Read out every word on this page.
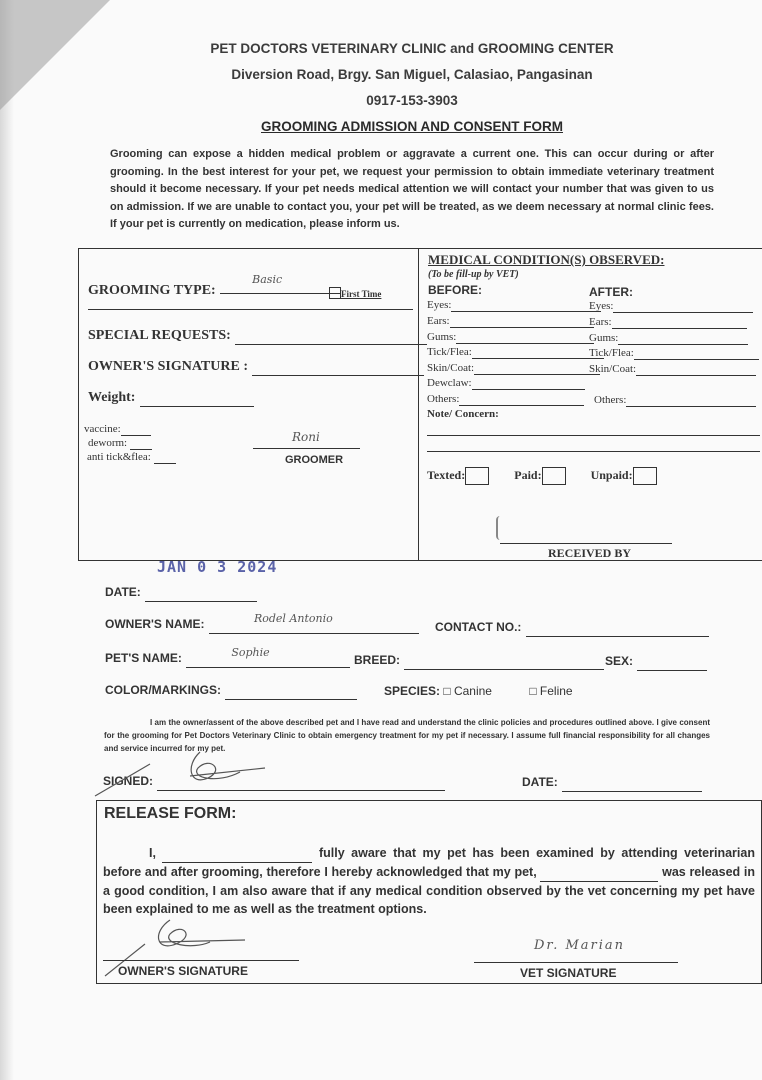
PET DOCTORS VETERINARY CLINIC and GROOMING CENTER
Diversion Road, Brgy. San Miguel, Calasiao, Pangasinan
0917-153-3903
GROOMING ADMISSION AND CONSENT FORM
Grooming can expose a hidden medical problem or aggravate a current one. This can occur during or after grooming. In the best interest for your pet, we request your permission to obtain immediate veterinary treatment should it become necessary. If your pet needs medical attention we will contact your number that was given to us on admission. If we are unable to contact you, your pet will be treated, as we deem necessary at normal clinic fees. If your pet is currently on medication, please inform us.
GROOMING TYPE:
Basic
First Time
SPECIAL REQUESTS:
OWNER'S SIGNATURE :
Weight:
vaccine:
deworm:
anti tick&flea:
Roni
GROOMER
MEDICAL CONDITION(S) OBSERVED:
(To be fill-up by VET)
BEFORE:	AFTER:
Eyes:	Eyes:
Ears:	Ears:
Gums:	Gums:
Tick/Flea:	Tick/Flea:
Skin/Coat:	Skin/Coat:
Dewclaw:
Others:	Others:
Note/ Concern:
Texted:	Paid:	Unpaid:
RECEIVED BY
JAN 0 3 2024
DATE:
OWNER'S NAME:	Rodel Antonio
CONTACT NO.:
PET'S NAME:	Sophie
BREED:	SEX:
COLOR/MARKINGS:	SPECIES: □ Canine	□ Feline
I am the owner/assent of the above described pet and I have read and understand the clinic policies and procedures outlined above. I give consent for the grooming for Pet Doctors Veterinary Clinic to obtain emergency treatment for my pet if necessary. I assume full financial responsibility for all changes and service incurred for my pet.
SIGNED:	DATE:
RELEASE FORM:
I,	fully aware that my pet has been examined by attending veterinarian before and after grooming, therefore I hereby acknowledged that my pet,	was released in a good condition, I am also aware that if any medical condition observed by the vet concerning my pet have been explained to me as well as the treatment options.
OWNER'S SIGNATURE
Dr. Marian
VET SIGNATURE
